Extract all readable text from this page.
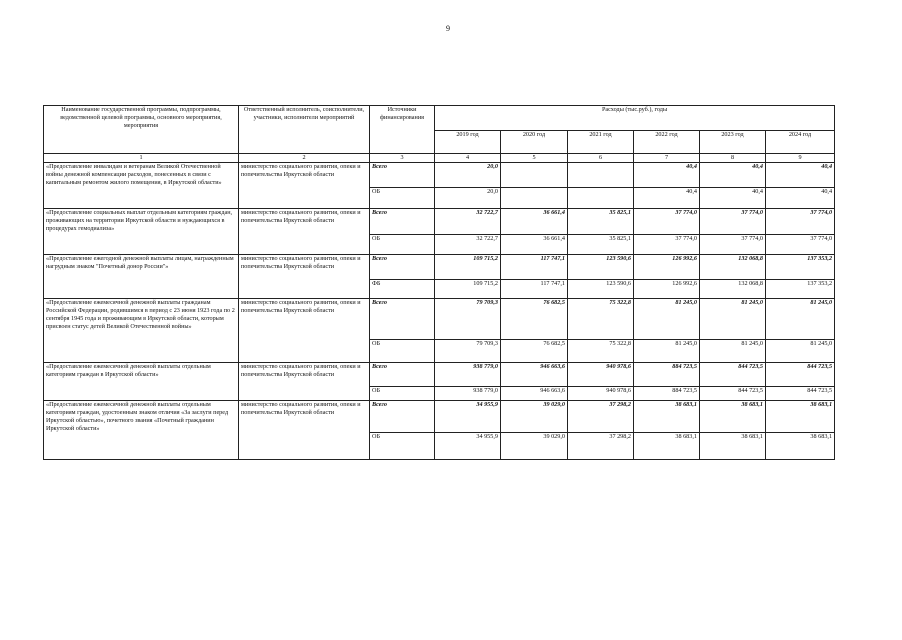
9
Наименование государственной программы, подпрограммы, ведомственной целевой программы, основного мероприятия, мероприятия	Ответственный исполнитель, соисполнители, участники, исполнители мероприятий	Источники финансирования	Расходы (тыс.руб.), годы					
			2019 год	2020 год	2021 год	2022 год	2023 год	2024 год
1	2	3	4	5	6	7	8	9
«Предоставление инвалидам и ветеранам Великой Отечественной войны денежной компенсации расходов, понесенных в связи с капитальным ремонтом жилого помещения, в Иркутской области»	министерство социального развития, опеки и попечительства Иркутской области	Всего	20,0			40,4	40,4	40,4
		ОБ	20,0			40,4	40,4	40,4
«Предоставление социальных выплат отдельным категориям граждан, проживающих на территории Иркутской области и нуждающихся в процедурах гемодиализа»	министерство социального развития, опеки и попечительства Иркутской области	Всего	32 722,7	36 661,4	35 825,1	37 774,0	37 774,0	37 774,0
		ОБ	32 722,7	36 661,4	35 825,1	37 774,0	37 774,0	37 774,0
«Предоставление ежегодной денежной выплаты лицам, награжденным нагрудным знаком "Почетный донор России"»	министерство социального развития, опеки и попечительства Иркутской области	Всего	109 715,2	117 747,1	123 590,6	126 992,6	132 068,8	137 353,2
		ФБ	109 715,2	117 747,1	123 590,6	126 992,6	132 068,8	137 353,2
«Предоставление ежемесячной денежной выплаты гражданам Российской Федерации, родившимся в период с 23 июня 1923 года по 2 сентября 1945 года и проживающим в Иркутской области, которым присвоен статус детей Великой Отечественной войны»	министерство социального развития, опеки и попечительства Иркутской области	Всего	79 709,3	76 682,5	75 322,8	81 245,0	81 245,0	81 245,0
		ОБ	79 709,3	76 682,5	75 322,8	81 245,0	81 245,0	81 245,0
«Предоставление ежемесячной денежной выплаты отдельным категориям граждан в Иркутской области»	министерство социального развития, опеки и попечительства Иркутской области	Всего	938 779,0	946 663,6	940 978,6	884 723,5	844 723,5	844 723,5
		ОБ	938 779,0	946 663,6	940 978,6	884 723,5	844 723,5	844 723,5
«Предоставление ежемесячной денежной выплаты отдельным категориям граждан, удостоенным знаком отличия «За заслуги перед Иркутской областью», почетного звания «Почетный гражданин Иркутской области»	министерство социального развития, опеки и попечительства Иркутской области	Всего	34 955,9	39 029,0	37 298,2	38 683,1	38 683,1	38 683,1
		ОБ	34 955,9	39 029,0	37 298,2	38 683,1	38 683,1	38 683,1
